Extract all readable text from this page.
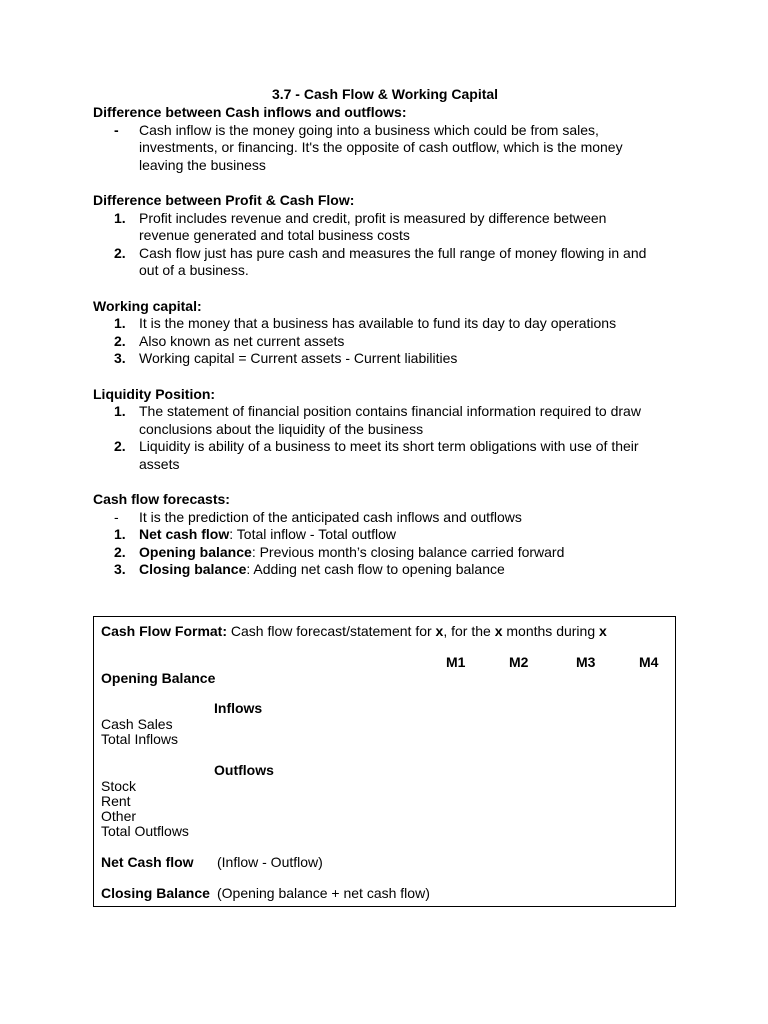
3.7 - Cash Flow & Working Capital

Difference between Cash inflows and outflows:

-	Cash inflow is the money going into a business which could be from sales, investments, or financing. It's the opposite of cash outflow, which is the money leaving the business

Difference between Profit & Cash Flow:

1. Profit includes revenue and credit, profit is measured by difference between revenue generated and total business costs
2. Cash flow just has pure cash and measures the full range of money flowing in and out of a business.

Working capital:

1. It is the money that a business has available to fund its day to day operations
2. Also known as net current assets
3. Working capital = Current assets - Current liabilities

Liquidity Position:

1. The statement of financial position contains financial information required to draw conclusions about the liquidity of the business
2. Liquidity is ability of a business to meet its short term obligations with use of their assets

Cash flow forecasts:

-	It is the prediction of the anticipated cash inflows and outflows
1. Net cash flow: Total inflow - Total outflow
2. Opening balance: Previous month’s closing balance carried forward
3. Closing balance: Adding net cash flow to opening balance
Cash Flow Format: Cash flow forecast/statement for x, for the x months during x
M1	M2	M3	M4
Opening Balance
Inflows
Cash Sales
Total Inflows
Outflows
Stock
Rent
Other
Total Outflows
Net Cash flow (Inflow - Outflow)
Closing Balance (Opening balance + net cash flow)
